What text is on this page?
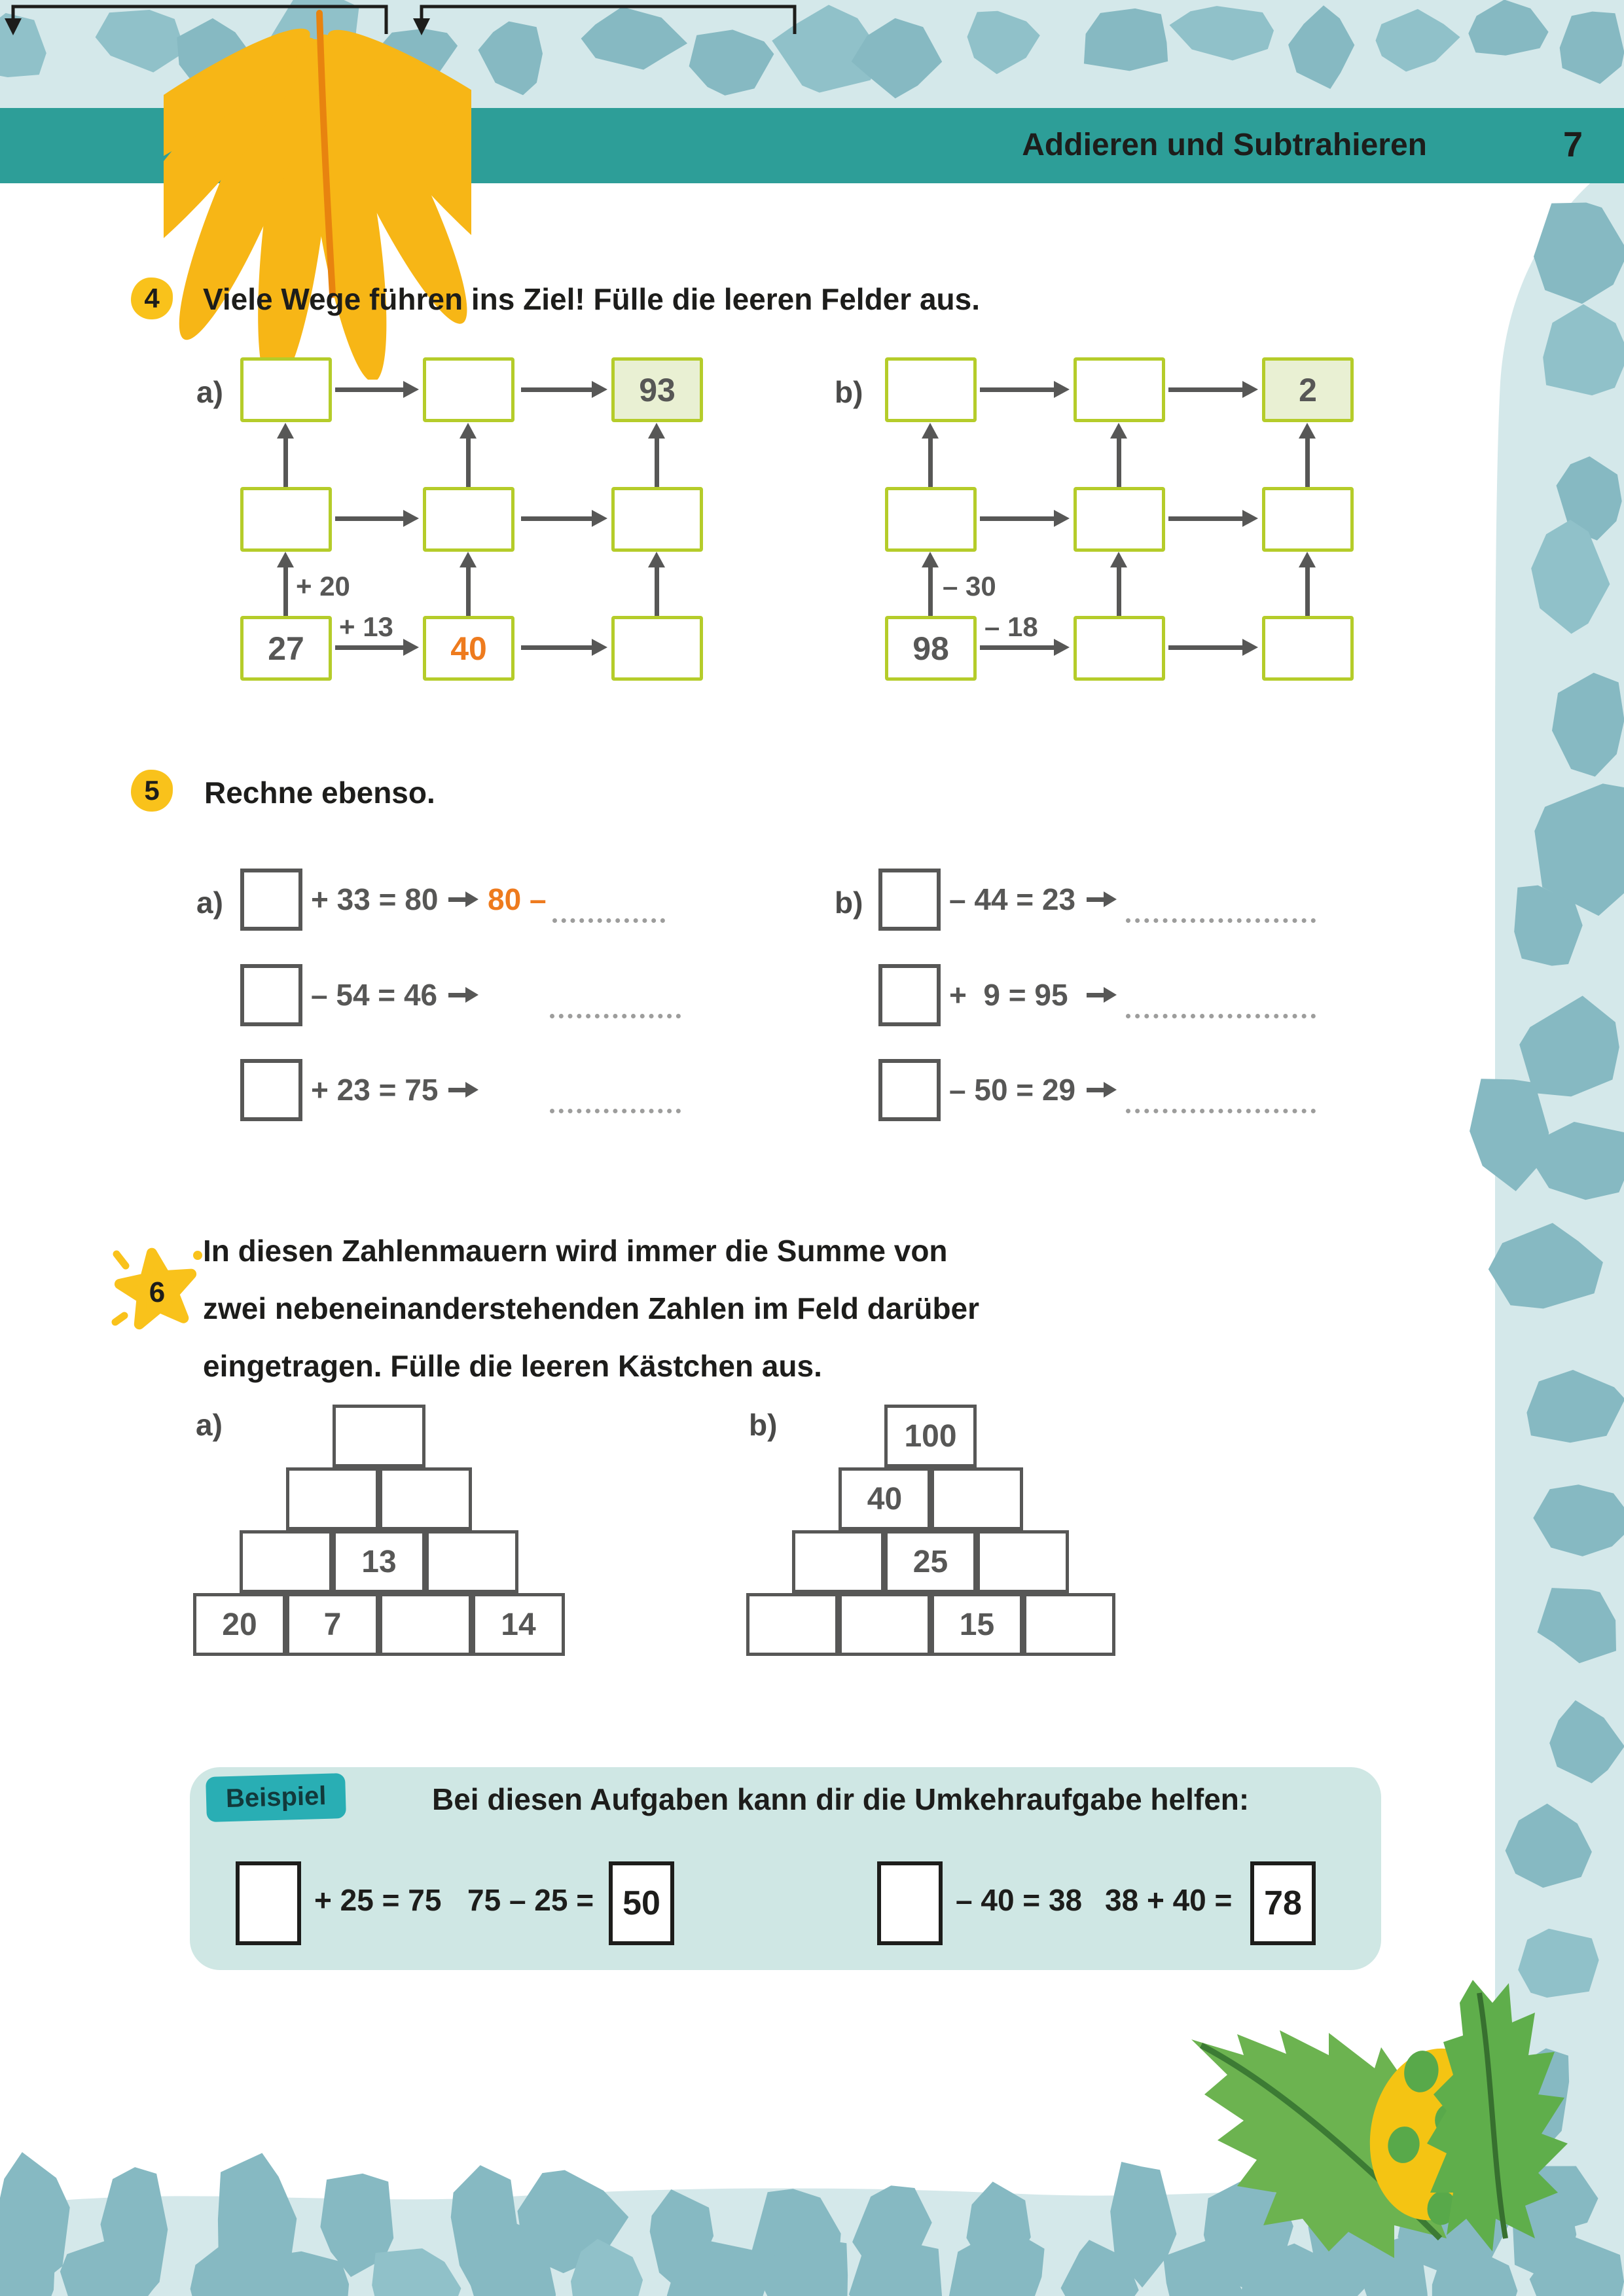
Addieren und Subtrahieren	7
4	Viele Wege führen ins Ziel! Fülle die leeren Felder aus.
a)	93
27	40
+ 20
+ 13
b)	2
98
– 30
– 18
5	Rechne ebenso.
a)	b)
+ 33 = 80 80 –
– 54 = 46
+ 23 = 75
– 44 = 23
+  9 = 95
– 50 = 29
6
In diesen Zahlenmauern wird immer die Summe von
zwei nebeneinanderstehenden Zahlen im Feld darüber
eingetragen. Fülle die leeren Kästchen aus.
a)
13
20	7	14
b)	100
40
25
15
Beispiel	Bei diesen Aufgaben kann dir die Umkehraufgabe helfen:

+ 25 = 75 75 – 25 = 50	– 40 = 38 38 + 40 = 78
